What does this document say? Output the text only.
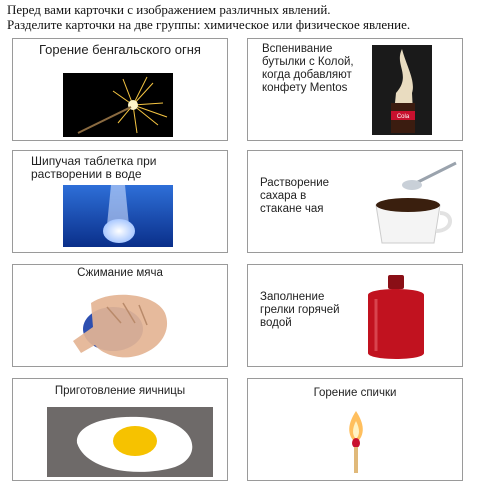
Перед вами карточки с изображением различных явлений.
Разделите карточки на две группы: химическое или физическое явление.
Горение бенгальского огня	Вспенивание бутылки с Колой, когда добавляют конфету Mentos
Cola
Шипучая таблетка при растворении в воде
Растворение сахара в стакане чая
Сжимание мяча
Заполнение грелки горячей водой
Приготовление яичницы	Горение спички
